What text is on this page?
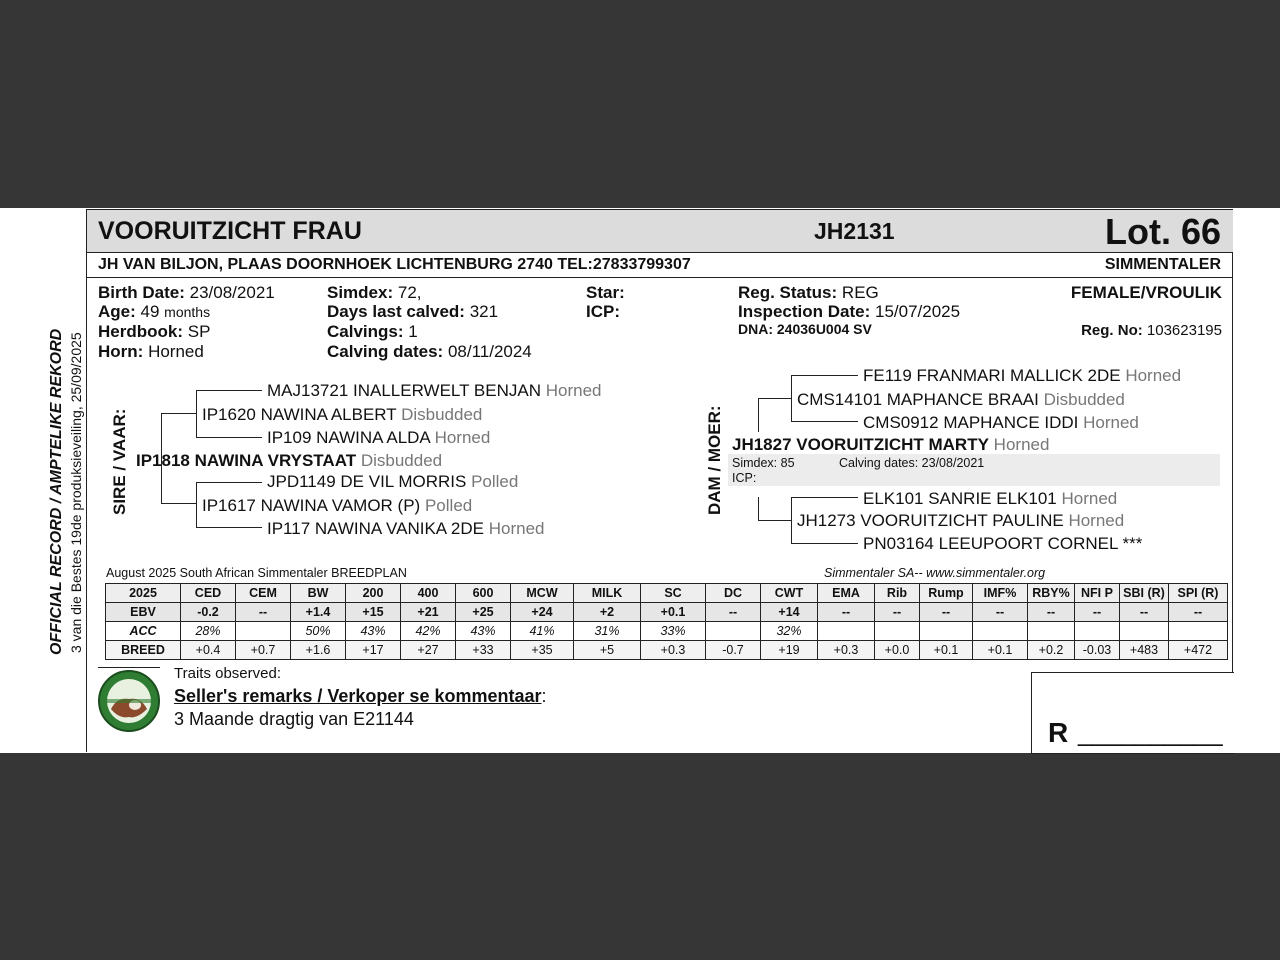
OFFICIAL RECORD / AMPTELIKE REKORD 3 van die Bestes 19de produksieveiling, 25/09/2025
VOORUITZICHT FRAU	JH2131	Lot. 66
JH VAN BILJON, PLAAS DOORNHOEK LICHTENBURG 2740 TEL:27833799307	SIMMENTALER
Birth Date: 23/08/2021
Age: 49 months
Herdbook: SP
Horn: Horned
Simdex: 72,
Days last calved: 321
Calvings: 1
Calving dates: 08/11/2024
Star:
ICP:
Reg. Status: REG
Inspection Date: 15/07/2025
DNA: 24036U004 SV
FEMALE/VROULIK
Reg. No: 103623195
SIRE / VAAR:
MAJ13721 INALLERWELT BENJAN Horned
IP1620 NAWINA ALBERT Disbudded
IP109 NAWINA ALDA Horned
IP1818 NAWINA VRYSTAAT Disbudded
JPD1149 DE VIL MORRIS Polled
IP1617 NAWINA VAMOR (P) Polled
IP117 NAWINA VANIKA 2DE Horned
DAM / MOER:
FE119 FRANMARI MALLICK 2DE Horned
CMS14101 MAPHANCE BRAAI Disbudded
CMS0912 MAPHANCE IDDI Horned
JH1827 VOORUITZICHT MARTY Horned
Simdex: 85	Calving dates: 23/08/2021
ICP:
ELK101 SANRIE ELK101 Horned
JH1273 VOORUITZICHT PAULINE Horned
PN03164 LEEUPOORT CORNEL ***
August 2025 South African Simmentaler BREEDPLAN	Simmentaler SA-- www.simmentaler.org
2025	CED	CEM	BW	200	400	600	MCW	MILK	SC	DC	CWT	EMA	Rib	Rump	IMF%	RBY%	NFI P	SBI (R)	SPI (R)
EBV	-0.2	--	+1.4	+15	+21	+25	+24	+2	+0.1	--	+14	--	--	--	--	--	--	--	--
ACC	28%		50%	43%	42%	43%	41%	31%	33%		32%								
BREED	+0.4	+0.7	+1.6	+17	+27	+33	+35	+5	+0.3	-0.7	+19	+0.3	+0.0	+0.1	+0.1	+0.2	-0.03	+483	+472
Traits observed:
Seller's remarks / Verkoper se kommentaar:
3 Maande dragtig van E21144	R __________
